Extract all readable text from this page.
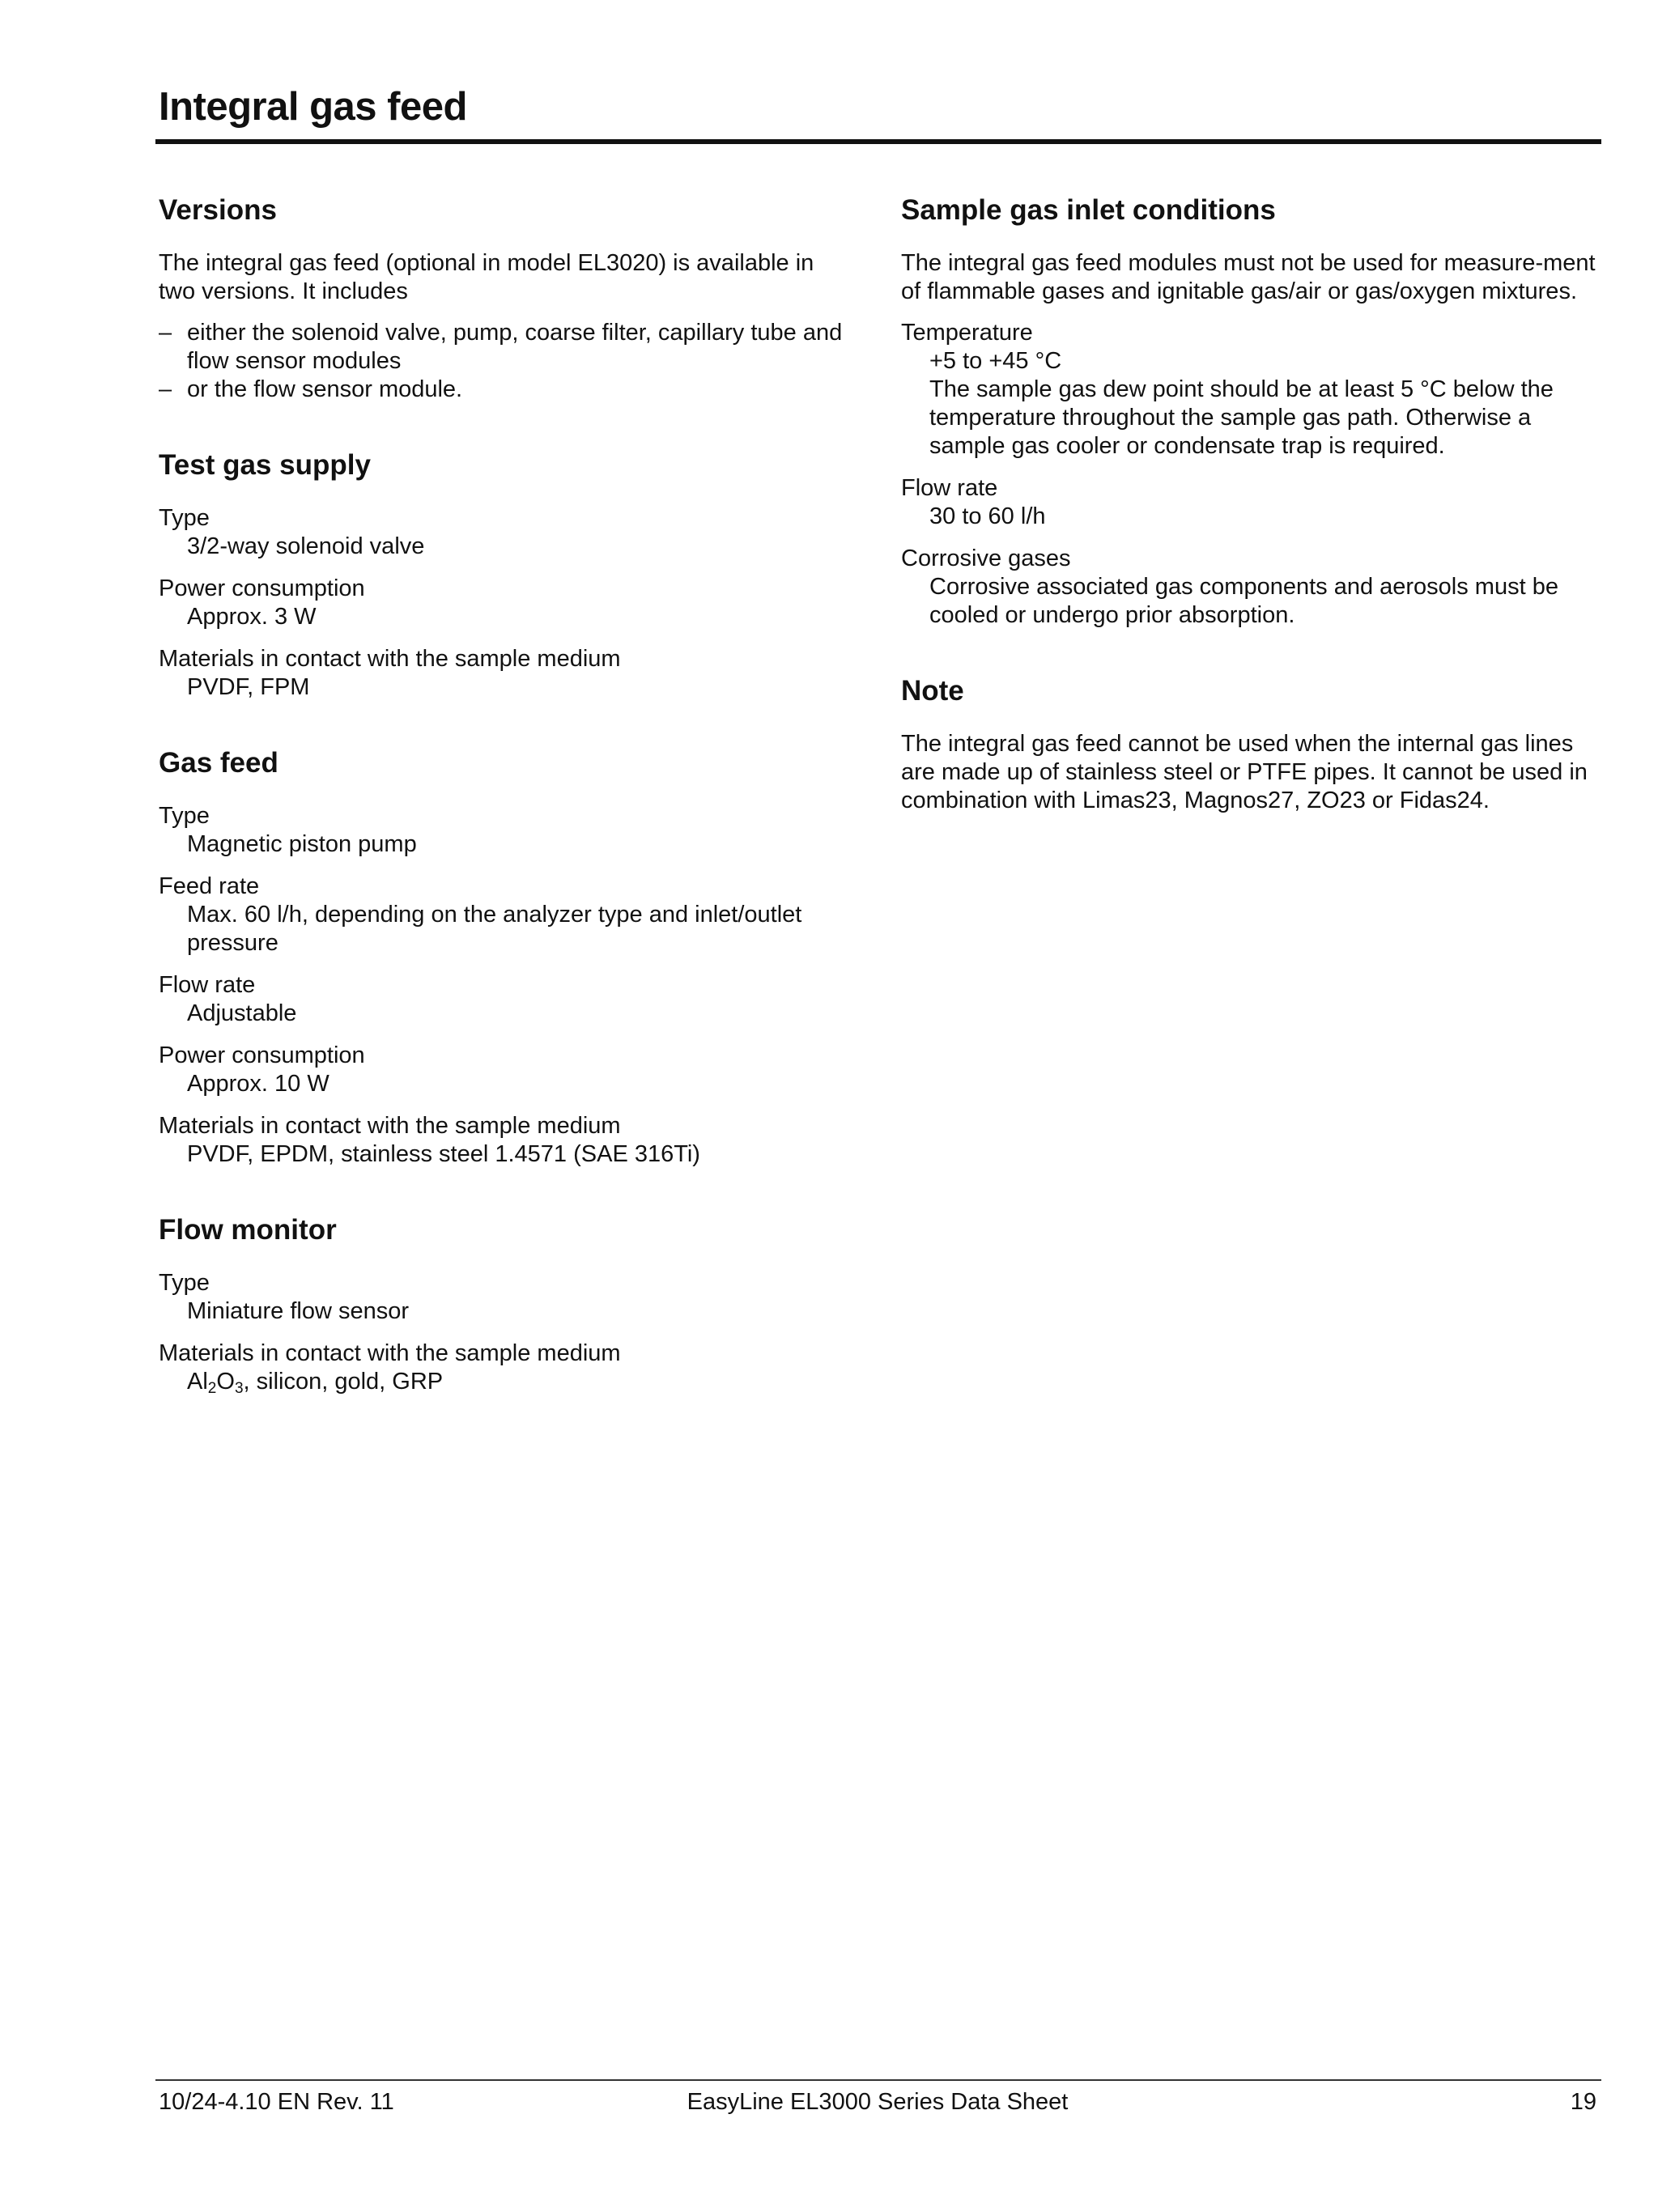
Integral gas feed
Versions

The integral gas feed (optional in model EL3020) is available in two versions. It includes

– either the solenoid valve, pump, coarse filter, capillary tube and flow sensor modules
– or the flow sensor module.
Test gas supply
Type
3/2-way solenoid valve
Power consumption
Approx. 3 W
Materials in contact with the sample medium
PVDF, FPM
Gas feed
Type
Magnetic piston pump
Feed rate
Max. 60 l/h, depending on the analyzer type and inlet/outlet pressure
Flow rate
Adjustable
Power consumption
Approx. 10 W
Materials in contact with the sample medium
PVDF, EPDM, stainless steel 1.4571 (SAE 316Ti)
Flow monitor
Type
Miniature flow sensor
Materials in contact with the sample medium
$Al_2O_3$, silicon, gold, GRP
Sample gas inlet conditions

The integral gas feed modules must not be used for measure-ment of flammable gases and ignitable gas/air or gas/oxygen mixtures.

Temperature
+5 to +45 °C
The sample gas dew point should be at least 5 °C below the temperature throughout the sample gas path. Otherwise a sample gas cooler or condensate trap is required.
Flow rate
30 to 60 l/h
Corrosive gases
Corrosive associated gas components and aerosols must be cooled or undergo prior absorption.
Note

The integral gas feed cannot be used when the internal gas lines are made up of stainless steel or PTFE pipes. It cannot be used in combination with Limas23, Magnos27, ZO23 or Fidas24.

10/24-4.10 EN Rev. 11	EasyLine EL3000 Series Data Sheet	19
